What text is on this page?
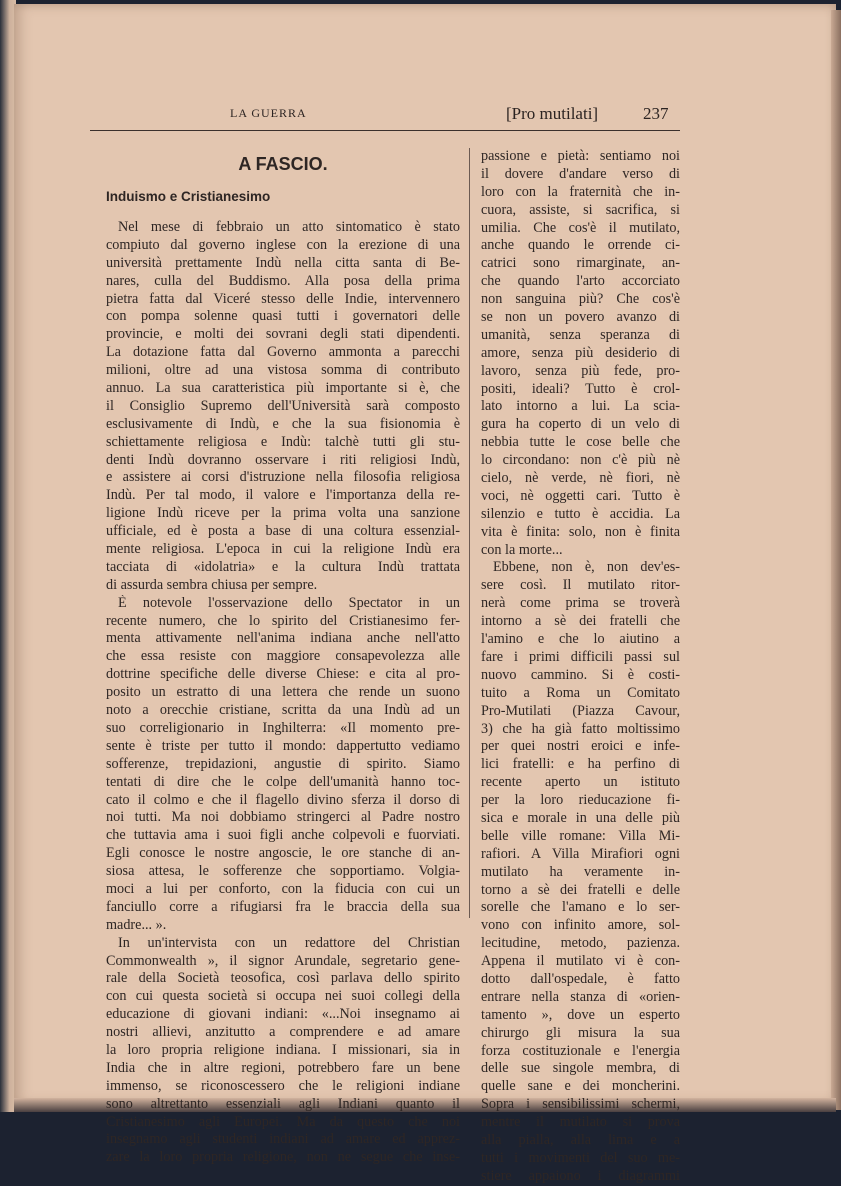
LA GUERRA	[Pro mutilati]	237
A FASCIO.
Induismo e Cristianesimo
Nel mese di febbraio un atto sintomatico è stato
compiuto dal governo inglese con la erezione di una
università prettamente Indù nella citta santa di Be-
nares, culla del Buddismo. Alla posa della prima
pietra fatta dal Viceré stesso delle Indie, intervennero
con pompa solenne quasi tutti i governatori delle
provincie, e molti dei sovrani degli stati dipendenti.
La dotazione fatta dal Governo ammonta a parecchi
milioni, oltre ad una vistosa somma di contributo
annuo. La sua caratteristica più importante si è, che
il Consiglio Supremo dell'Università sarà composto
esclusivamente di Indù, e che la sua fisionomia è
schiettamente religiosa e Indù: talchè tutti gli stu-
denti Indù dovranno osservare i riti religiosi Indù,
e assistere ai corsi d'istruzione nella filosofia religiosa
Indù. Per tal modo, il valore e l'importanza della re-
ligione Indù riceve per la prima volta una sanzione
ufficiale, ed è posta a base di una coltura essenzial-
mente religiosa. L'epoca in cui la religione Indù era
tacciata di «idolatria» e la cultura Indù trattata
di assurda sembra chiusa per sempre.
È notevole l'osservazione dello Spectator in un
recente numero, che lo spirito del Cristianesimo fer-
menta attivamente nell'anima indiana anche nell'atto
che essa resiste con maggiore consapevolezza alle
dottrine specifiche delle diverse Chiese: e cita al pro-
posito un estratto di una lettera che rende un suono
noto a orecchie cristiane, scritta da una Indù ad un
suo correligionario in Inghilterra: «Il momento pre-
sente è triste per tutto il mondo: dappertutto vediamo
sofferenze, trepidazioni, angustie di spirito. Siamo
tentati di dire che le colpe dell'umanità hanno toc-
cato il colmo e che il flagello divino sferza il dorso di
noi tutti. Ma noi dobbiamo stringerci al Padre nostro
che tuttavia ama i suoi figli anche colpevoli e fuorviati.
Egli conosce le nostre angoscie, le ore stanche di an-
siosa attesa, le sofferenze che sopportiamo. Volgia-
moci a lui per conforto, con la fiducia con cui un
fanciullo corre a rifugiarsi fra le braccia della sua
madre... ».
In un'intervista con un redattore del Christian
Commonwealth », il signor Arundale, segretario gene-
rale della Società teosofica, così parlava dello spirito
con cui questa società si occupa nei suoi collegi della
educazione di giovani indiani: «...Noi insegnamo ai
nostri allievi, anzitutto a comprendere e ad amare
la loro propria religione indiana. I missionari, sia in
India che in altre regioni, potrebbero fare un bene
immenso, se riconoscessero che le religioni indiane
sono altrettanto essenziali agli Indiani quanto il
Cristianesimo agli Europei. Ma da questo che noi
insegnamo agli studenti indiani ad amare ed apprez-
zare la loro propria religione, non ne segue che inse-
passione e pietà: sentiamo noi
il dovere d'andare verso di
loro con la fraternità che in-
cuora, assiste, si sacrifica, si
umilia. Che cos'è il mutilato,
anche quando le orrende ci-
catrici sono rimarginate, an-
che quando l'arto accorciato
non sanguina più? Che cos'è
se non un povero avanzo di
umanità, senza speranza di
amore, senza più desiderio di
lavoro, senza più fede, pro-
positi, ideali? Tutto è crol-
lato intorno a lui. La scia-
gura ha coperto di un velo di
nebbia tutte le cose belle che
lo circondano: non c'è più nè
cielo, nè verde, nè fiori, nè
voci, nè oggetti cari. Tutto è
silenzio e tutto è accidia. La
vita è finita: solo, non è finita
con la morte...
Ebbene, non è, non dev'es-
sere così. Il mutilato ritor-
nerà come prima se troverà
intorno a sè dei fratelli che
l'amino e che lo aiutino a
fare i primi difficili passi sul
nuovo cammino. Si è costi-
tuito a Roma un Comitato
Pro-Mutilati (Piazza Cavour,
3) che ha già fatto moltissimo
per quei nostri eroici e infe-
lici fratelli: e ha perfino di
recente aperto un istituto
per la loro rieducazione fi-
sica e morale in una delle più
belle ville romane: Villa Mi-
rafiori. A Villa Mirafiori ogni
mutilato ha veramente in-
torno a sè dei fratelli e delle
sorelle che l'amano e lo ser-
vono con infinito amore, sol-
lecitudine, metodo, pazienza.
Appena il mutilato vi è con-
dotto dall'ospedale, è fatto
entrare nella stanza di «orien-
tamento », dove un esperto
chirurgo gli misura la sua
forza costituzionale e l'energia
delle sue singole membra, di
quelle sane e dei moncherini.
Sopra i sensibilissimi schermi,
mentre il mutilato si prova
alla pialla, alla lima e a
tutti i movimenti del suo me-
stiere appaiono i diagrammi
